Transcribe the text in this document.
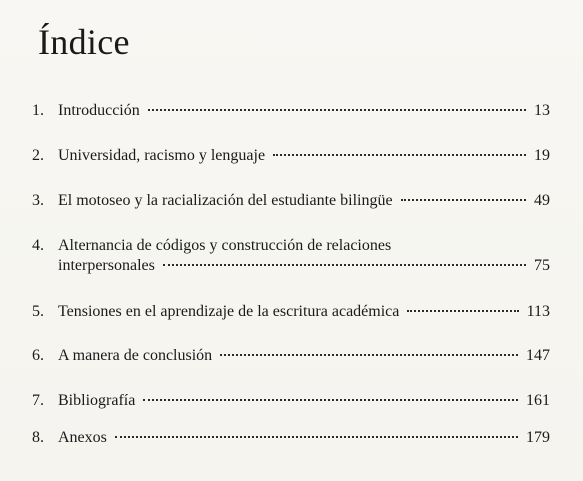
Índice
1. Introducción	13
2. Universidad, racismo y lenguaje	19
3. El motoseo y la racialización del estudiante bilingüe	49
4. Alternancia de códigos y construcción de relaciones
interpersonales	75
5. Tensiones en el aprendizaje de la escritura académica	113
6. A manera de conclusión	147
7. Bibliografía	161
8. Anexos	179
